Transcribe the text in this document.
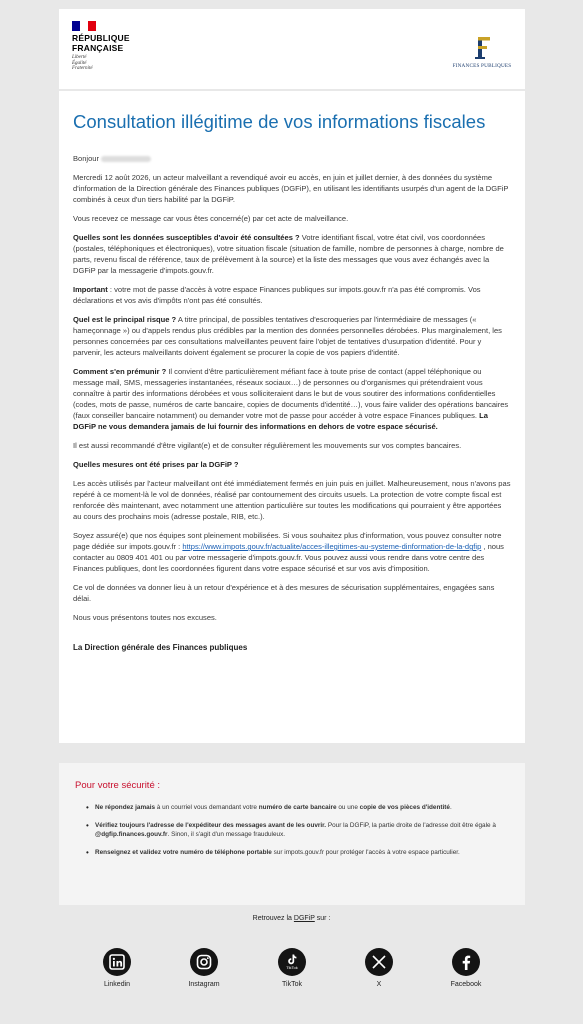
RÉPUBLIQUE
FRANÇAISE
Liberté
Égalité
Fraternité	FINANCES PUBLIQUES
Consultation illégitime de vos informations fiscales

Bonjour

Mercredi 12 août 2026, un acteur malveillant a revendiqué avoir eu accès, en juin et juillet dernier, à des données du système d'information de la Direction générale des Finances publiques (DGFiP), en utilisant les identifiants usurpés d'un agent de la DGFiP combinés à ceux d'un tiers habilité par la DGFiP.

Vous recevez ce message car vous êtes concerné(e) par cet acte de malveillance.

Quelles sont les données susceptibles d'avoir été consultées ? Votre identifiant fiscal, votre état civil, vos coordonnées (postales, téléphoniques et électroniques), votre situation fiscale (situation de famille, nombre de personnes à charge, nombre de parts, revenu fiscal de référence, taux de prélèvement à la source) et la liste des messages que vous avez échangés avec la DGFiP par la messagerie d'impots.gouv.fr.

Important : votre mot de passe d'accès à votre espace Finances publiques sur impots.gouv.fr n'a pas été compromis. Vos déclarations et vos avis d'impôts n'ont pas été consultés.

Quel est le principal risque ? A titre principal, de possibles tentatives d'escroqueries par l'intermédiaire de messages (« hameçonnage ») ou d'appels rendus plus crédibles par la mention des données personnelles dérobées. Plus marginalement, les personnes concernées par ces consultations malveillantes peuvent faire l'objet de tentatives d'usurpation d'identité. Pour y parvenir, les acteurs malveillants doivent également se procurer la copie de vos papiers d'identité.

Comment s'en prémunir ? Il convient d'être particulièrement méfiant face à toute prise de contact (appel téléphonique ou message mail, SMS, messageries instantanées, réseaux sociaux…) de personnes ou d'organismes qui prétendraient vous connaître à partir des informations dérobées et vous solliciteraient dans le but de vous soutirer des informations confidentielles (codes, mots de passe, numéros de carte bancaire, copies de documents d'identité…), vous faire valider des opérations bancaires (faux conseiller bancaire notamment) ou demander votre mot de passe pour accéder à votre espace Finances publiques. La DGFiP ne vous demandera jamais de lui fournir des informations en dehors de votre espace sécurisé.

Il est aussi recommandé d'être vigilant(e) et de consulter régulièrement les mouvements sur vos comptes bancaires.

Quelles mesures ont été prises par la DGFiP ?

Les accès utilisés par l'acteur malveillant ont été immédiatement fermés en juin puis en juillet. Malheureusement, nous n'avons pas repéré à ce moment-là le vol de données, réalisé par contournement des circuits usuels. La protection de votre compte fiscal est renforcée dès maintenant, avec notamment une attention particulière sur toutes les modifications qui pourraient y être apportées au cours des prochains mois (adresse postale, RIB, etc.).

Soyez assuré(e) que nos équipes sont pleinement mobilisées. Si vous souhaitez plus d'information, vous pouvez consulter notre page dédiée sur impots.gouv.fr : https://www.impots.gouv.fr/actualite/acces-illegitimes-au-systeme-dinformation-de-la-dgfip , nous contacter au 0809 401 401 ou par votre messagerie d'impots.gouv.fr. Vous pouvez aussi vous rendre dans votre centre des Finances publiques, dont les coordonnées figurent dans votre espace sécurisé et sur vos avis d'imposition.

Ce vol de données va donner lieu à un retour d'expérience et à des mesures de sécurisation supplémentaires, engagées sans délai.

Nous vous présentons toutes nos excuses.

La Direction générale des Finances publiques
Pour votre sécurité :
• Ne répondez jamais à un courriel vous demandant votre numéro de carte bancaire ou une copie de vos pièces d'identité.
• Vérifiez toujours l'adresse de l'expéditeur des messages avant de les ouvrir. Pour la DGFiP, la partie droite de l'adresse doit être égale à @dgfip.finances.gouv.fr. Sinon, il s'agit d'un message frauduleux.
• Renseignez et validez votre numéro de téléphone portable sur impots.gouv.fr pour protéger l'accès à votre espace particulier.
Retrouvez la DGFiP sur :
Linkedin	Instagram
TikTok
TikTok	X	Facebook
